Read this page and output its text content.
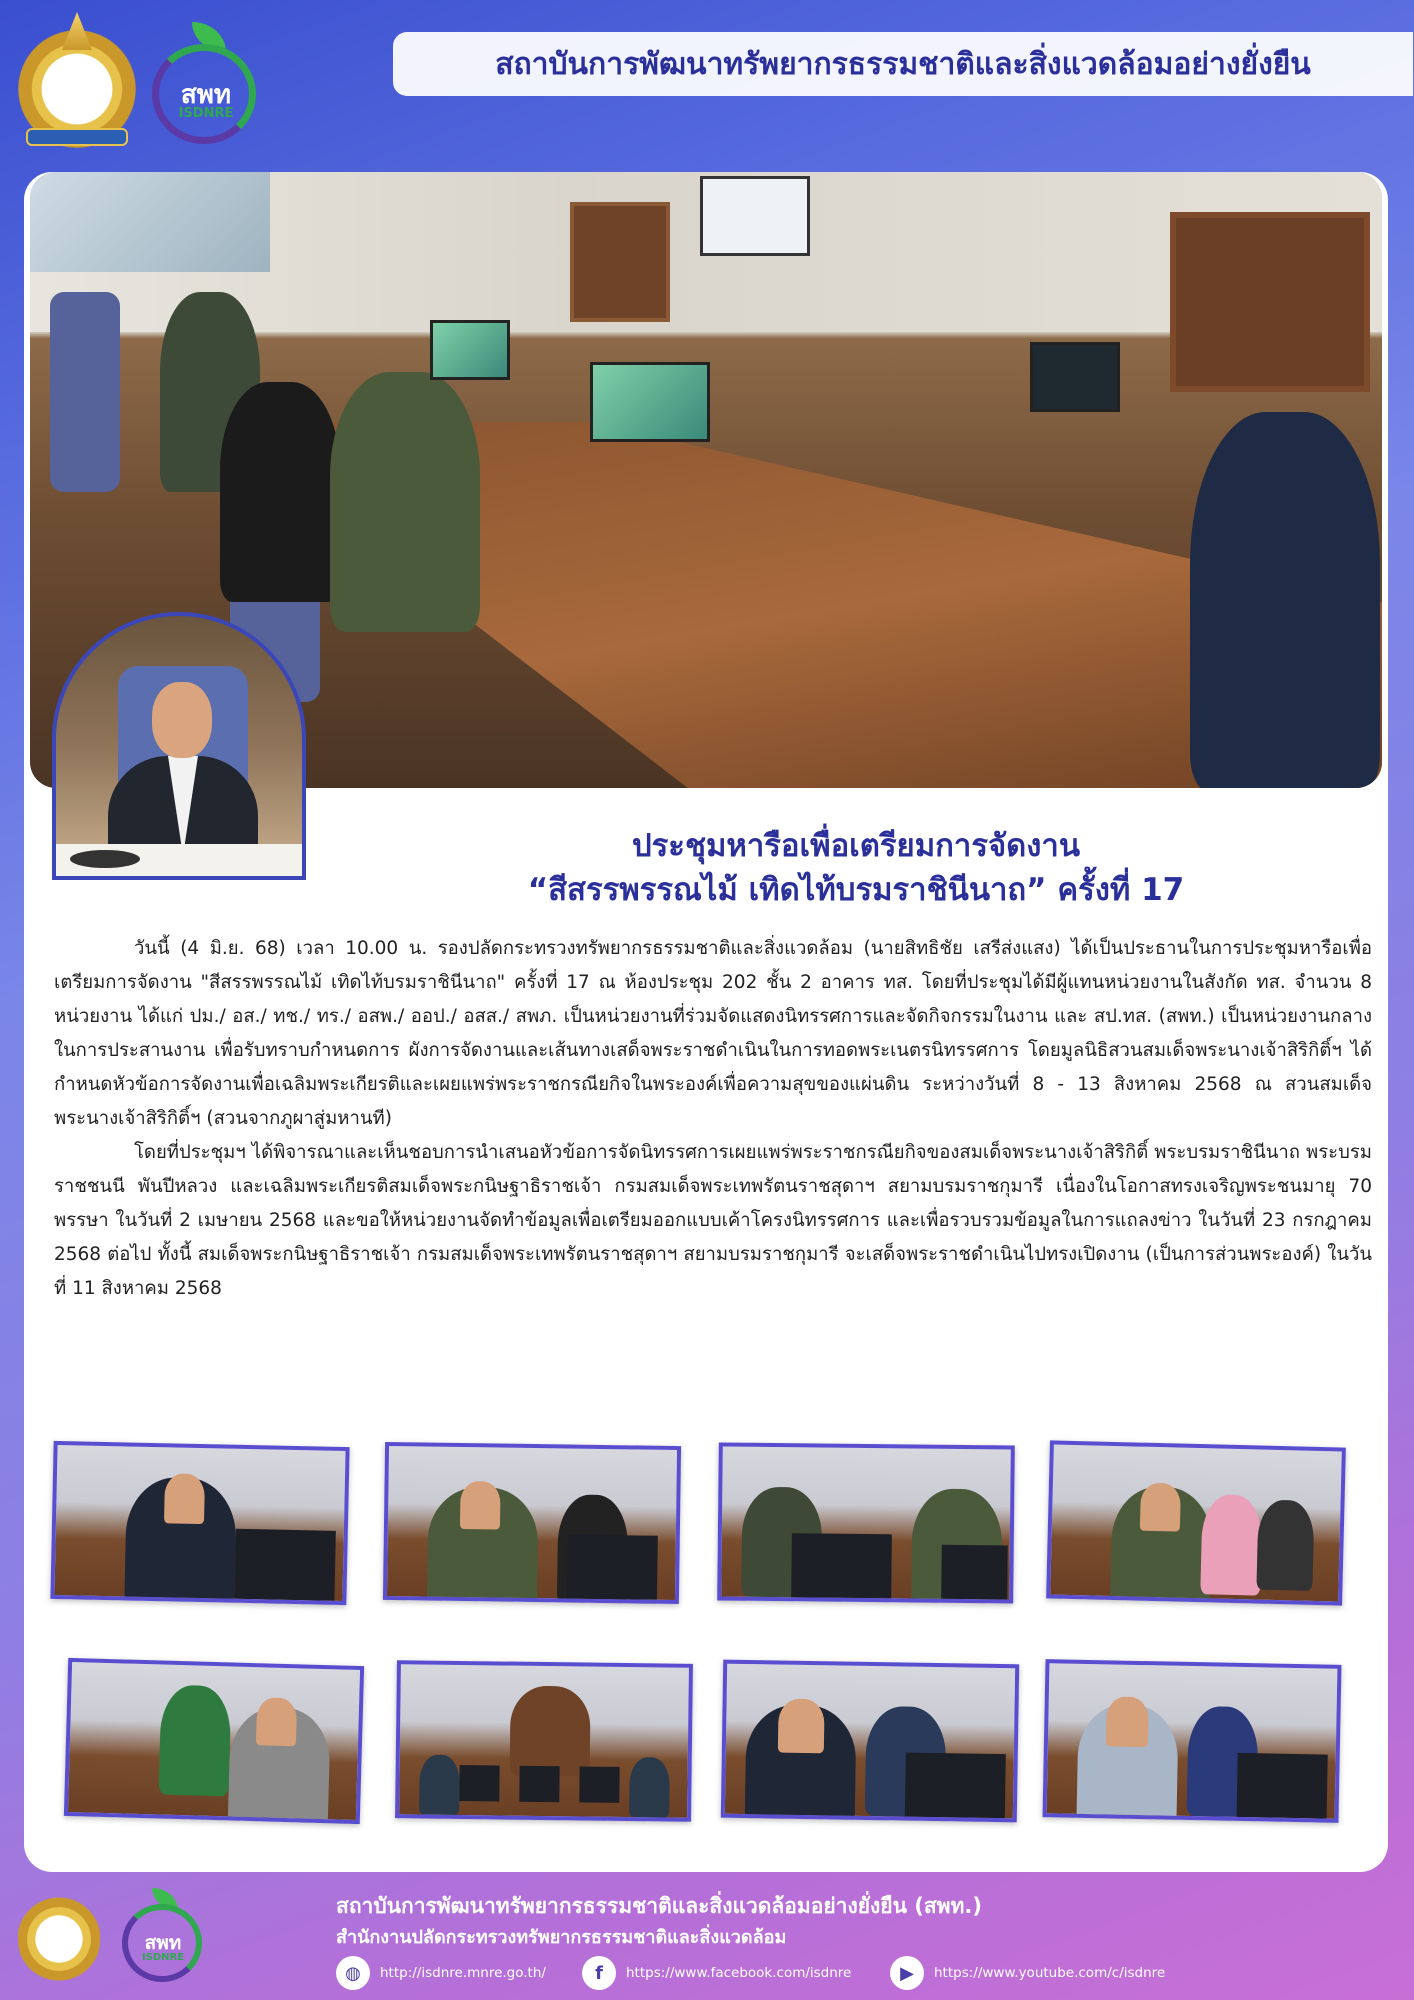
สพท
ISDNRE
สถาบันการพัฒนาทรัพยากรธรรมชาติและสิ่งแวดล้อมอย่างยั่งยืน
ประชุมหารือเพื่อเตรียมการจัดงาน
“สีสรรพรรณไม้ เทิดไท้บรมราชินีนาถ” ครั้งที่ 17

วันนี้ (4 มิ.ย. 68) เวลา 10.00 น. รองปลัดกระทรวงทรัพยากรธรรมชาติและสิ่งแวดล้อม (นายสิทธิชัย เสรีส่งแสง) ได้เป็นประธานในการประชุมหารือเพื่อเตรียมการจัดงาน "สีสรรพรรณไม้ เทิดไท้บรมราชินีนาถ" ครั้งที่ 17 ณ ห้องประชุม 202 ชั้น 2 อาคาร ทส. โดยที่ประชุมได้มีผู้แทนหน่วยงานในสังกัด ทส. จำนวน 8 หน่วยงาน ได้แก่ ปม./ อส./ ทช./ ทร./ อสพ./ ออป./ อสส./ สพภ. เป็นหน่วยงานที่ร่วมจัดแสดงนิทรรศการและจัดกิจกรรมในงาน และ สป.ทส. (สพท.) เป็นหน่วยงานกลางในการประสานงาน เพื่อรับทราบกำหนดการ ผังการจัดงานและเส้นทางเสด็จพระราชดำเนินในการทอดพระเนตรนิทรรศการ โดยมูลนิธิสวนสมเด็จพระนางเจ้าสิริกิติ์ฯ ได้กำหนดหัวข้อการจัดงานเพื่อเฉลิมพระเกียรติและเผยแพร่พระราชกรณียกิจในพระองค์เพื่อความสุขของแผ่นดิน ระหว่างวันที่ 8 - 13 สิงหาคม 2568 ณ สวนสมเด็จพระนางเจ้าสิริกิติ์ฯ (สวนจากภูผาสู่มหานที)

โดยที่ประชุมฯ ได้พิจารณาและเห็นชอบการนำเสนอหัวข้อการจัดนิทรรศการเผยแพร่พระราชกรณียกิจของสมเด็จพระนางเจ้าสิริกิติ์ พระบรมราชินีนาถ พระบรมราชชนนี พันปีหลวง และเฉลิมพระเกียรติสมเด็จพระกนิษฐาธิราชเจ้า กรมสมเด็จพระเทพรัตนราชสุดาฯ สยามบรมราชกุมารี เนื่องในโอกาสทรงเจริญพระชนมายุ 70 พรรษา ในวันที่ 2 เมษายน 2568 และขอให้หน่วยงานจัดทำข้อมูลเพื่อเตรียมออกแบบเค้าโครงนิทรรศการ และเพื่อรวบรวมข้อมูลในการแถลงข่าว ในวันที่ 23 กรกฎาคม 2568 ต่อไป ทั้งนี้ สมเด็จพระกนิษฐาธิราชเจ้า กรมสมเด็จพระเทพรัตนราชสุดาฯ สยามบรมราชกุมารี จะเสด็จพระราชดำเนินไปทรงเปิดงาน (เป็นการส่วนพระองค์) ในวันที่ 11 สิงหาคม 2568

สพท
ISDNRE
สถาบันการพัฒนาทรัพยากรธรรมชาติและสิ่งแวดล้อมอย่างยั่งยืน (สพท.)
สำนักงานปลัดกระทรวงทรัพยากรธรรมชาติและสิ่งแวดล้อม
◍	http://isdnre.mnre.go.th/	f	https://www.facebook.com/isdnre	▶	https://www.youtube.com/c/isdnre
